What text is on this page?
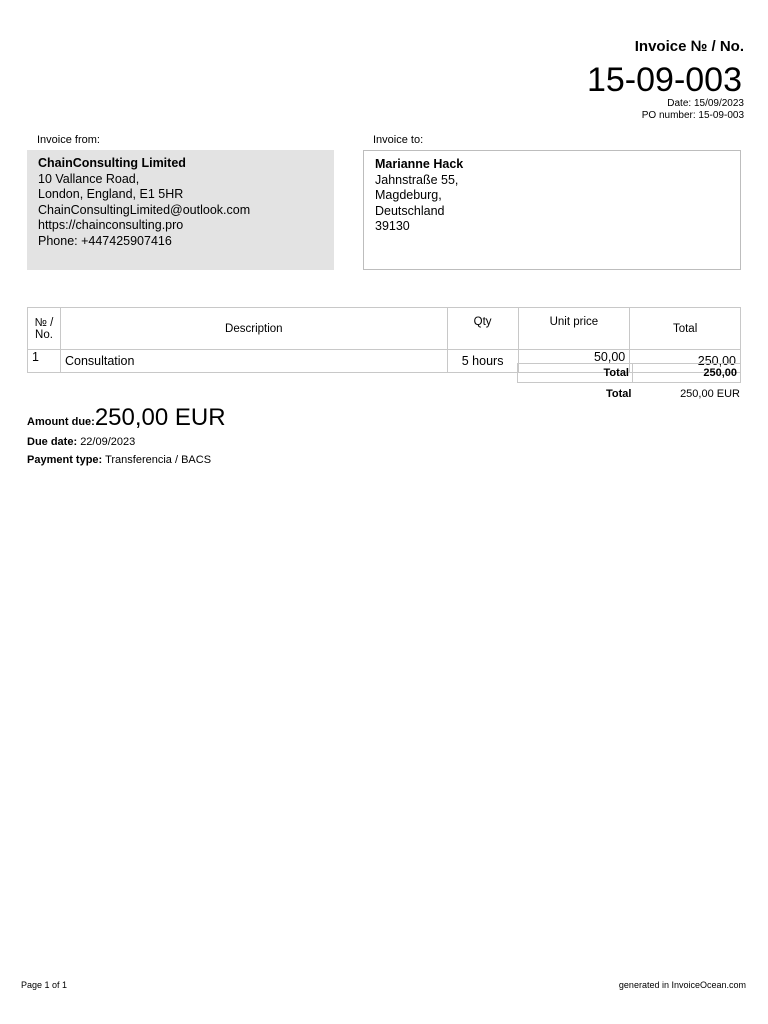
Invoice № / No.
15-09-003
Date: 15/09/2023
PO number: 15-09-003
Invoice from:	Invoice to:
ChainConsulting Limited
10 Vallance Road,
London, England, E1 5HR
ChainConsultingLimited@outlook.com
https://chainconsulting.pro
Phone: +447425907416
Marianne Hack
Jahnstraße 55,
Magdeburg,
Deutschland
39130
№ / No.	Description	Qty	Unit price	Total
1	Consultation	5 hours	50,00	250,00
Total	250,00
Total	250,00 EUR
Amount due:250,00 EUR
Due date: 22/09/2023
Payment type: Transferencia / BACS
Page 1 of 1	generated in InvoiceOcean.com
